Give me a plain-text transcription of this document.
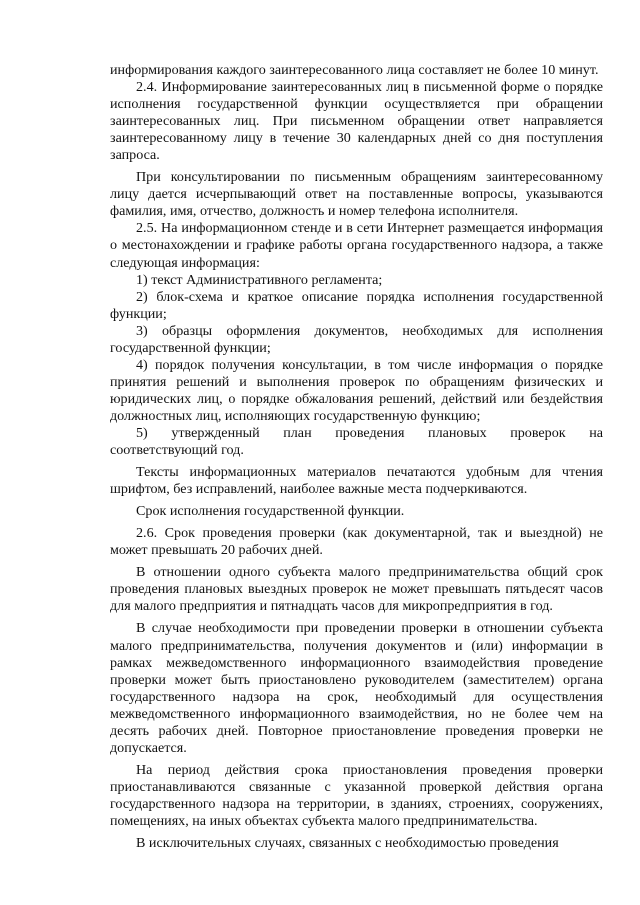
информирования каждого заинтересованного лица составляет не более 10 минут.

2.4. Информирование заинтересованных лиц в письменной форме о порядке исполнения государственной функции осуществляется при обращении заинтересованных лиц. При письменном обращении ответ направляется заинтересованному лицу в течение 30 календарных дней со дня поступления запроса.

При консультировании по письменным обращениям заинтересованному лицу дается исчерпывающий ответ на поставленные вопросы, указываются фамилия, имя, отчество, должность и номер телефона исполнителя.

2.5. На информационном стенде и в сети Интернет размещается информация о местонахождении и графике работы органа государственного надзора, а также следующая информация:

1) текст Административного регламента;

2) блок-схема и краткое описание порядка исполнения государственной функции;

3) образцы оформления документов, необходимых для исполнения государственной функции;

4) порядок получения консультации, в том числе информация о порядке принятия решений и выполнения проверок по обращениям физических и юридических лиц, о порядке обжалования решений, действий или бездействия должностных лиц, исполняющих государственную функцию;

5) утвержденный план проведения плановых проверок на

соответствующий год.

Тексты информационных материалов печатаются удобным для чтения шрифтом, без исправлений, наиболее важные места подчеркиваются.

Срок исполнения государственной функции.

2.6. Срок проведения проверки (как документарной, так и выездной) не может превышать 20 рабочих дней.

В отношении одного субъекта малого предпринимательства общий срок проведения плановых выездных проверок не может превышать пятьдесят часов для малого предприятия и пятнадцать часов для микропредприятия в год.

В случае необходимости при проведении проверки в отношении субъекта малого предпринимательства, получения документов и (или) информации в рамках межведомственного информационного взаимодействия проведение проверки может быть приостановлено руководителем (заместителем) органа государственного надзора на срок, необходимый для осуществления межведомственного информационного взаимодействия, но не более чем на десять рабочих дней. Повторное приостановление проведения проверки не допускается.

На период действия срока приостановления проведения проверки приостанавливаются связанные с указанной проверкой действия органа государственного надзора на территории, в зданиях, строениях, сооружениях, помещениях, на иных объектах субъекта малого предпринимательства.

В исключительных случаях, связанных с необходимостью проведения
